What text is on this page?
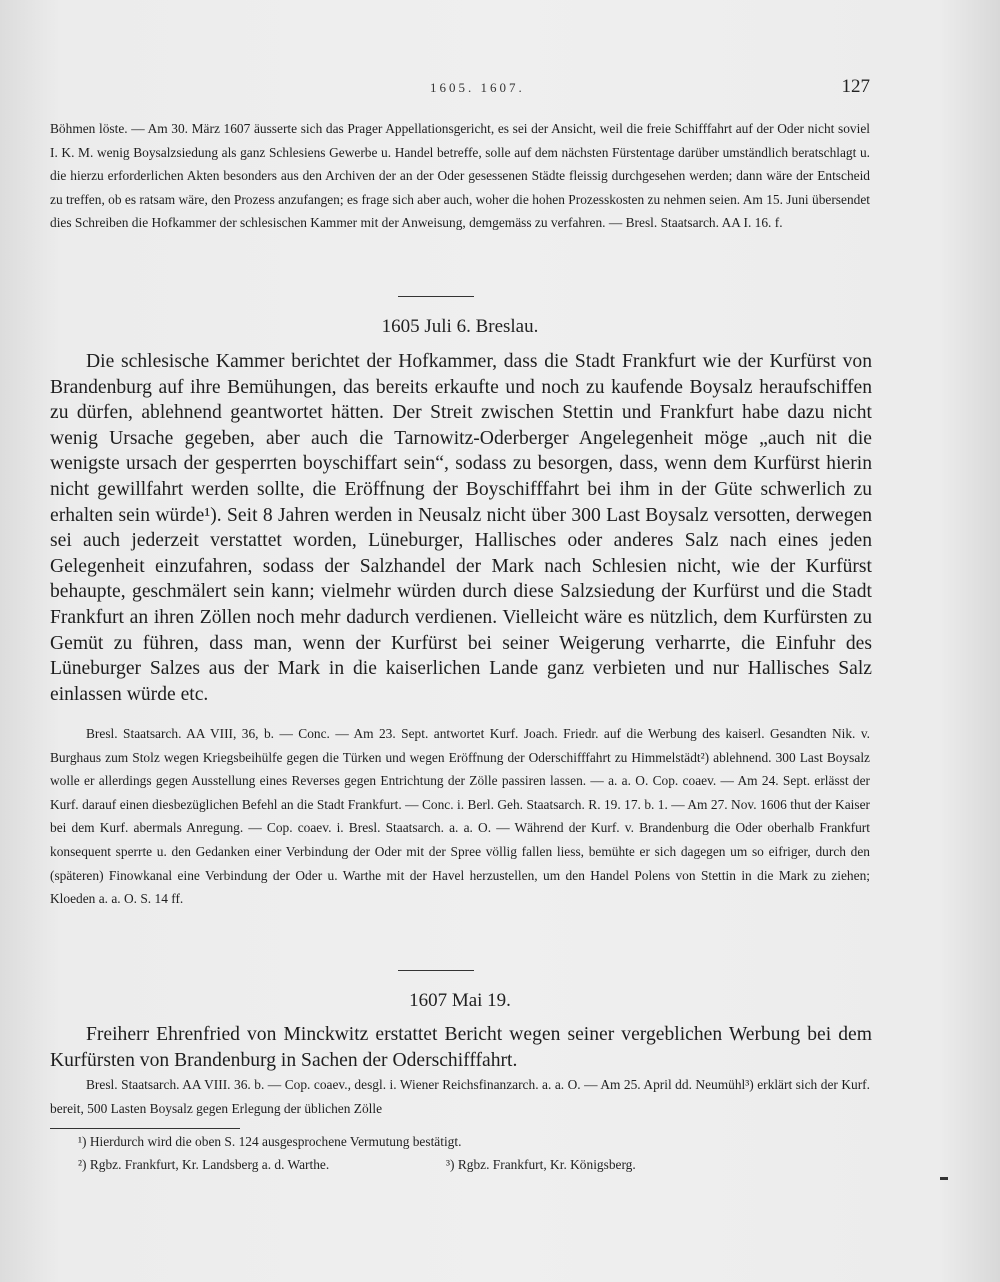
1605. 1607.	127

Böhmen löste. — Am 30. März 1607 äusserte sich das Prager Appellationsgericht, es sei der Ansicht, weil die freie Schifffahrt auf der Oder nicht soviel I. K. M. wenig Boysalzsiedung als ganz Schlesiens Gewerbe u. Handel betreffe, solle auf dem nächsten Fürstentage darüber umständlich beratschlagt u. die hierzu erforderlichen Akten besonders aus den Archiven der an der Oder gesessenen Städte fleissig durchgesehen werden; dann wäre der Entscheid zu treffen, ob es ratsam wäre, den Prozess anzufangen; es frage sich aber auch, woher die hohen Prozesskosten zu nehmen seien. Am 15. Juni übersendet dies Schreiben die Hofkammer der schlesischen Kammer mit der Anweisung, demgemäss zu verfahren. — Bresl. Staatsarch. AA I. 16. f.

1605 Juli 6. Breslau.

Die schlesische Kammer berichtet der Hofkammer, dass die Stadt Frankfurt wie der Kurfürst von Brandenburg auf ihre Bemühungen, das bereits erkaufte und noch zu kaufende Boysalz heraufschiffen zu dürfen, ablehnend geantwortet hätten. Der Streit zwischen Stettin und Frankfurt habe dazu nicht wenig Ursache gegeben, aber auch die Tarnowitz-Oderberger Angelegenheit möge „auch nit die wenigste ursach der gesperrten boyschiffart sein“, sodass zu besorgen, dass, wenn dem Kurfürst hierin nicht gewillfahrt werden sollte, die Eröffnung der Boyschifffahrt bei ihm in der Güte schwerlich zu erhalten sein würde¹). Seit 8 Jahren werden in Neusalz nicht über 300 Last Boysalz versotten, derwegen sei auch jederzeit verstattet worden, Lüneburger, Hallisches oder anderes Salz nach eines jeden Gelegenheit einzufahren, sodass der Salzhandel der Mark nach Schlesien nicht, wie der Kurfürst behaupte, geschmälert sein kann; vielmehr würden durch diese Salzsiedung der Kurfürst und die Stadt Frankfurt an ihren Zöllen noch mehr dadurch verdienen. Vielleicht wäre es nützlich, dem Kurfürsten zu Gemüt zu führen, dass man, wenn der Kurfürst bei seiner Weigerung verharrte, die Einfuhr des Lüneburger Salzes aus der Mark in die kaiserlichen Lande ganz verbieten und nur Hallisches Salz einlassen würde etc.

Bresl. Staatsarch. AA VIII, 36, b. — Conc. — Am 23. Sept. antwortet Kurf. Joach. Friedr. auf die Werbung des kaiserl. Gesandten Nik. v. Burghaus zum Stolz wegen Kriegsbeihülfe gegen die Türken und wegen Eröffnung der Oderschifffahrt zu Himmelstädt²) ablehnend. 300 Last Boysalz wolle er allerdings gegen Ausstellung eines Reverses gegen Entrichtung der Zölle passiren lassen. — a. a. O. Cop. coaev. — Am 24. Sept. erlässt der Kurf. darauf einen diesbezüglichen Befehl an die Stadt Frankfurt. — Conc. i. Berl. Geh. Staatsarch. R. 19. 17. b. 1. — Am 27. Nov. 1606 thut der Kaiser bei dem Kurf. abermals Anregung. — Cop. coaev. i. Bresl. Staatsarch. a. a. O. — Während der Kurf. v. Brandenburg die Oder oberhalb Frankfurt konsequent sperrte u. den Gedanken einer Verbindung der Oder mit der Spree völlig fallen liess, bemühte er sich dagegen um so eifriger, durch den (späteren) Finowkanal eine Verbindung der Oder u. Warthe mit der Havel herzustellen, um den Handel Polens von Stettin in die Mark zu ziehen; Kloeden a. a. O. S. 14 ff.

1607 Mai 19.

Freiherr Ehrenfried von Minckwitz erstattet Bericht wegen seiner vergeblichen Werbung bei dem Kurfürsten von Brandenburg in Sachen der Oderschifffahrt.

Bresl. Staatsarch. AA VIII. 36. b. — Cop. coaev., desgl. i. Wiener Reichsfinanzarch. a. a. O. — Am 25. April dd. Neumühl³) erklärt sich der Kurf. bereit, 500 Lasten Boysalz gegen Erlegung der üblichen Zölle

¹) Hierdurch wird die oben S. 124 ausgesprochene Vermutung bestätigt.
²) Rgbz. Frankfurt, Kr. Landsberg a. d. Warthe.	³) Rgbz. Frankfurt, Kr. Königsberg.
